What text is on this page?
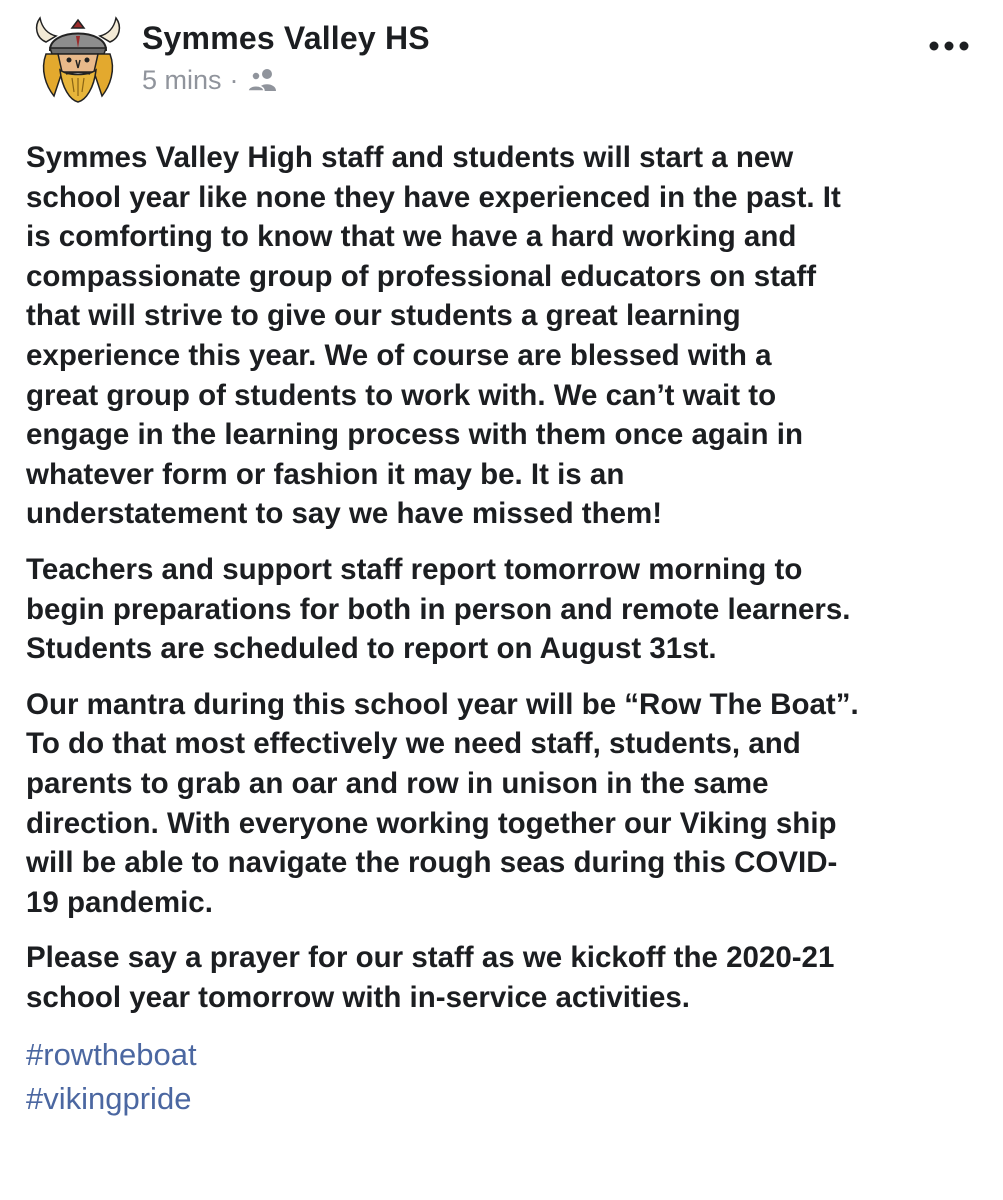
Symmes Valley HS
5 mins ·
Symmes Valley High staff and students will start a new
school year like none they have experienced in the past. It
is comforting to know that we have a hard working and
compassionate group of professional educators on staff
that will strive to give our students a great learning
experience this year. We of course are blessed with a
great group of students to work with. We can’t wait to
engage in the learning process with them once again in
whatever form or fashion it may be. It is an
understatement to say we have missed them!
Teachers and support staff report tomorrow morning to
begin preparations for both in person and remote learners.
Students are scheduled to report on August 31st.
Our mantra during this school year will be “Row The Boat”.
To do that most effectively we need staff, students, and
parents to grab an oar and row in unison in the same
direction. With everyone working together our Viking ship
will be able to navigate the rough seas during this COVID-
19 pandemic.
Please say a prayer for our staff as we kickoff the 2020-21
school year tomorrow with in-service activities.
#rowtheboat
#vikingpride
